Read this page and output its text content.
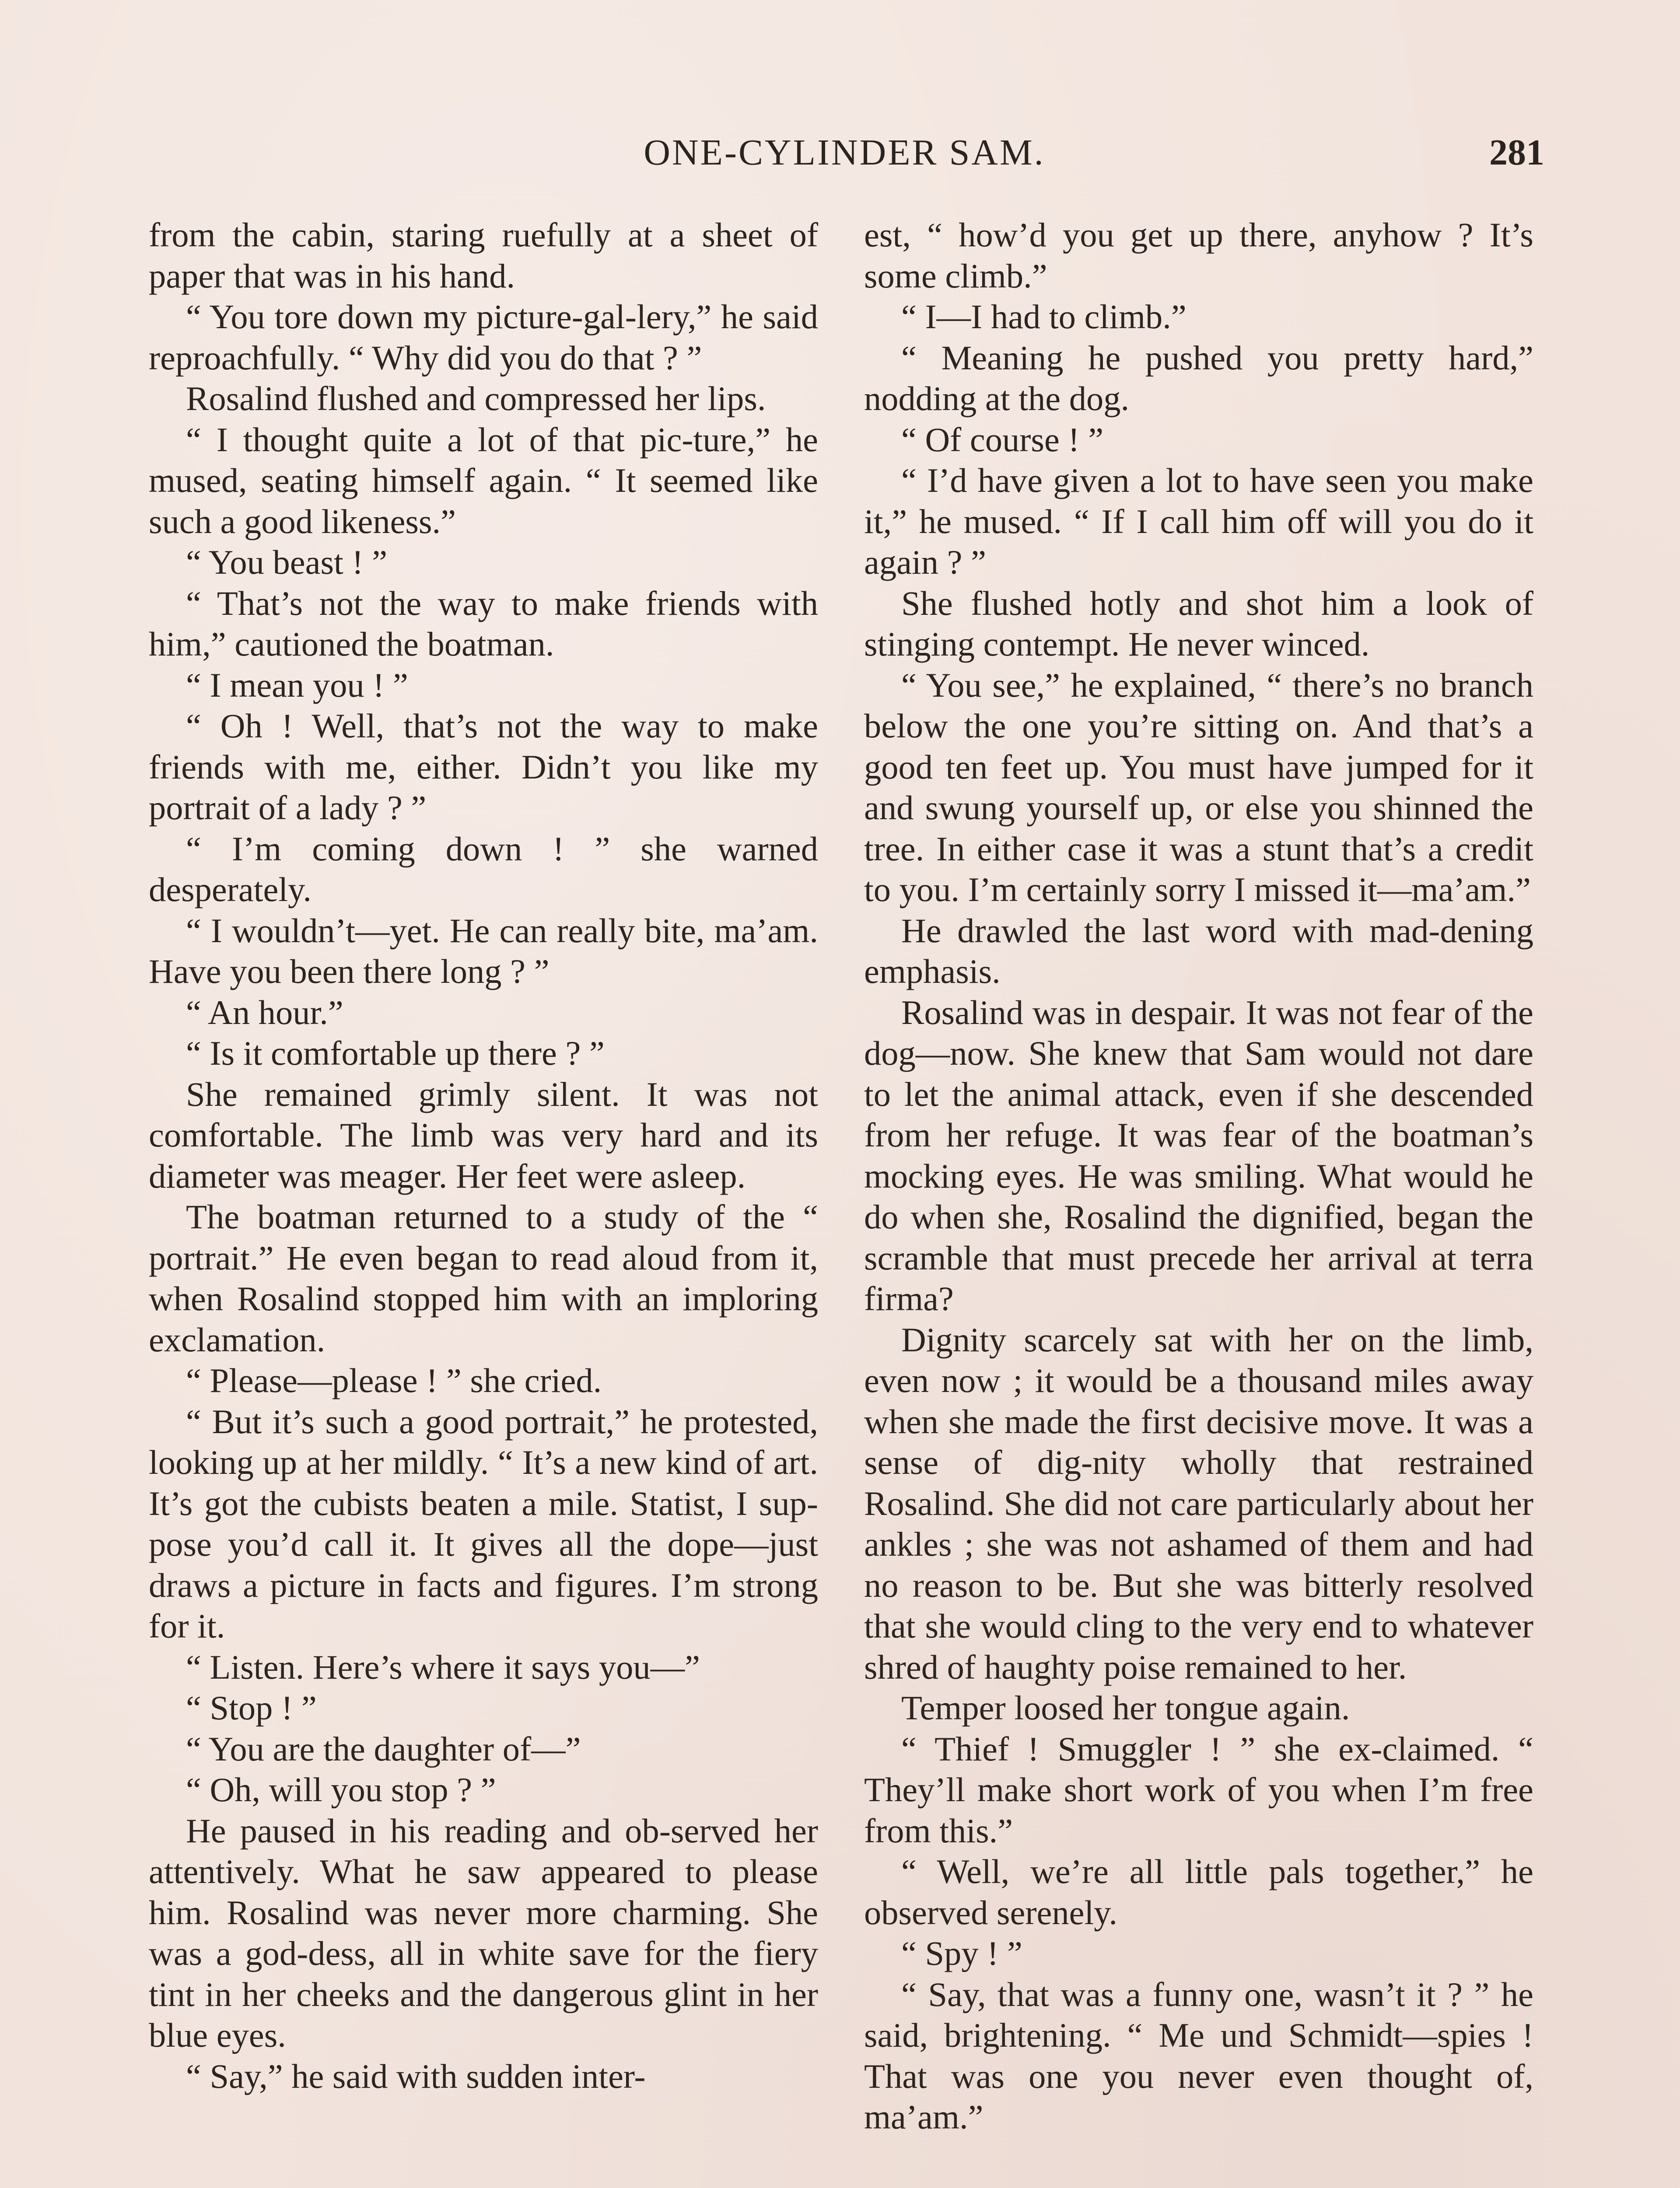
ONE-CYLINDER SAM.	281

from the cabin, staring ruefully at a sheet of paper that was in his hand.

“ You tore down my picture-gal-lery,” he said reproachfully. “ Why did you do that ? ”

Rosalind flushed and compressed her lips.

“ I thought quite a lot of that pic-ture,” he mused, seating himself again. “ It seemed like such a good likeness.”

“ You beast ! ”

“ That’s not the way to make friends with him,” cautioned the boatman.

“ I mean you ! ”

“ Oh ! Well, that’s not the way to make friends with me, either. Didn’t you like my portrait of a lady ? ”

“ I’m coming down ! ” she warned desperately.

“ I wouldn’t—yet. He can really bite, ma’am. Have you been there long ? ”

“ An hour.”

“ Is it comfortable up there ? ”

She remained grimly silent. It was not comfortable. The limb was very hard and its diameter was meager. Her feet were asleep.

The boatman returned to a study of the “ portrait.” He even began to read aloud from it, when Rosalind stopped him with an imploring exclamation.

“ Please—please ! ” she cried.

“ But it’s such a good portrait,” he protested, looking up at her mildly. “ It’s a new kind of art. It’s got the cubists beaten a mile. Statist, I sup-pose you’d call it. It gives all the dope—just draws a picture in facts and figures. I’m strong for it.

“ Listen. Here’s where it says you—”

“ Stop ! ”

“ You are the daughter of—”

“ Oh, will you stop ? ”

He paused in his reading and ob-served her attentively. What he saw appeared to please him. Rosalind was never more charming. She was a god-dess, all in white save for the fiery tint in her cheeks and the dangerous glint in her blue eyes.

“ Say,” he said with sudden inter-

est, “ how’d you get up there, anyhow ? It’s some climb.”

“ I—I had to climb.”

“ Meaning he pushed you pretty hard,” nodding at the dog.

“ Of course ! ”

“ I’d have given a lot to have seen you make it,” he mused. “ If I call him off will you do it again ? ”

She flushed hotly and shot him a look of stinging contempt. He never winced.

“ You see,” he explained, “ there’s no branch below the one you’re sitting on. And that’s a good ten feet up. You must have jumped for it and swung yourself up, or else you shinned the tree. In either case it was a stunt that’s a credit to you. I’m certainly sorry I missed it—ma’am.”

He drawled the last word with mad-dening emphasis.

Rosalind was in despair. It was not fear of the dog—now. She knew that Sam would not dare to let the animal attack, even if she descended from her refuge. It was fear of the boatman’s mocking eyes. He was smiling. What would he do when she, Rosalind the dignified, began the scramble that must precede her arrival at terra firma?

Dignity scarcely sat with her on the limb, even now ; it would be a thousand miles away when she made the first decisive move. It was a sense of dig-nity wholly that restrained Rosalind. She did not care particularly about her ankles ; she was not ashamed of them and had no reason to be. But she was bitterly resolved that she would cling to the very end to whatever shred of haughty poise remained to her.

Temper loosed her tongue again.

“ Thief ! Smuggler ! ” she ex-claimed. “ They’ll make short work of you when I’m free from this.”

“ Well, we’re all little pals together,” he observed serenely.

“ Spy ! ”

“ Say, that was a funny one, wasn’t it ? ” he said, brightening. “ Me und Schmidt—spies ! That was one you never even thought of, ma’am.”
